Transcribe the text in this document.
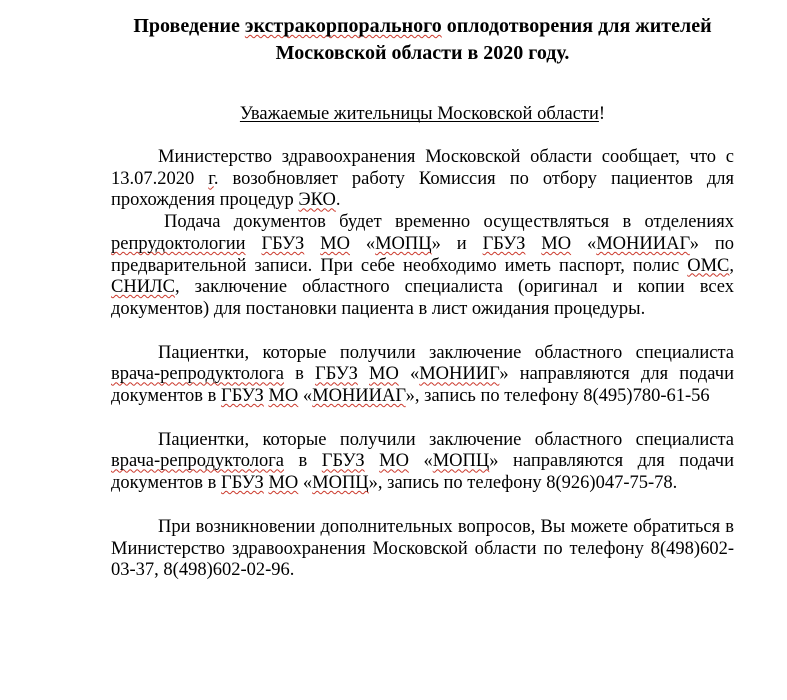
Проведение экстракорпорального оплодотворения для жителей
Московской области в 2020 году.

Уважаемые жительницы Московской области!

Министерство здравоохранения Московской области сообщает, что с 13.07.2020 г. возобновляет работу Комиссия по отбору пациентов для прохождения процедур ЭКО.

Подача документов будет временно осуществляться в отделениях репрудоктологии ГБУЗ МО «МОПЦ» и ГБУЗ МО «МОНИИАГ» по предварительной записи. При себе необходимо иметь паспорт, полис ОМС, СНИЛС, заключение областного специалиста (оригинал и копии всех документов) для постановки пациента в лист ожидания процедуры.

Пациентки, которые получили заключение областного специалиста врача-репродуктолога в ГБУЗ МО «МОНИИГ» направляются для подачи документов в ГБУЗ МО «МОНИИАГ», запись по телефону 8(495)780-61-56

Пациентки, которые получили заключение областного специалиста врача-репродуктолога в ГБУЗ МО «МОПЦ» направляются для подачи документов в ГБУЗ МО «МОПЦ», запись по телефону 8(926)047-75-78.

При возникновении дополнительных вопросов, Вы можете обратиться в Министерство здравоохранения Московской области по телефону 8(498)602-03-37, 8(498)602-02-96.
